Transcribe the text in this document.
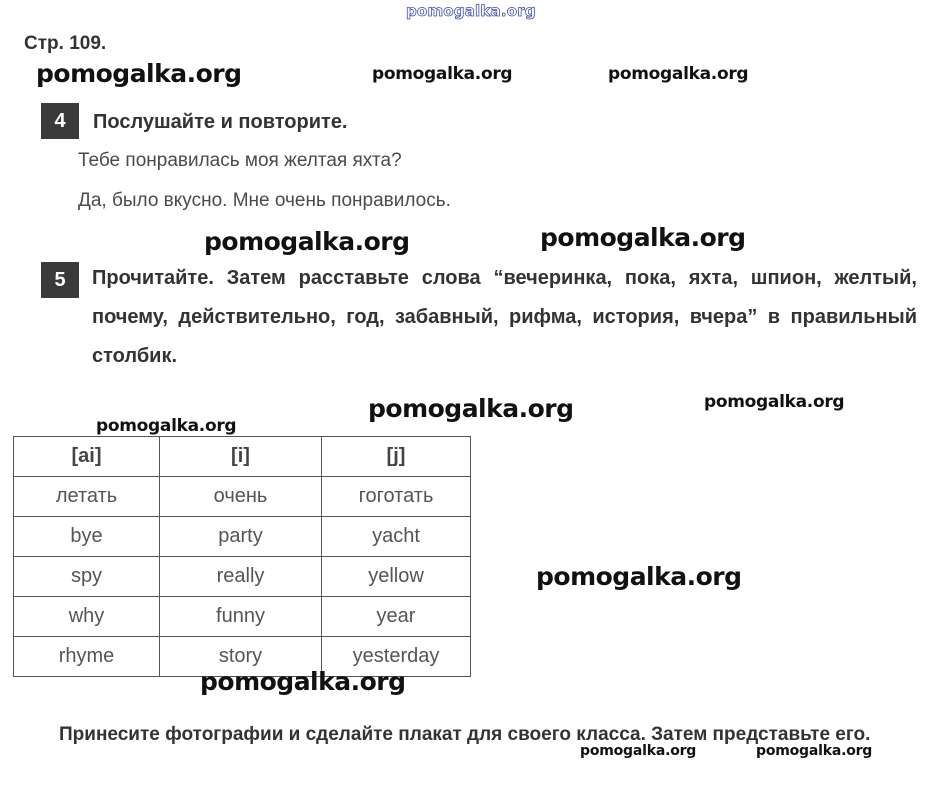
pomogalka.org
Стр. 109.
pomogalka.org	pomogalka.org	pomogalka.org
4	Послушайте и повторите.
Тебе понравилась моя желтая яхта?
Да, было вкусно. Мне очень понравилось.
pomogalka.org	pomogalka.org
5	Прочитайте. Затем расставьте слова “вечеринка, пока, яхта, шпион, желтый, почему, действительно, год, забавный, рифма, история, вчера” в правильный столбик.
pomogalka.org	pomogalka.org
pomogalka.org
[ai]	[i]	[j]
летать	очень	гоготать
bye	party	yacht
spy	really	yellow
why	funny	year
rhyme	story	yesterday
pomogalka.org
pomogalka.org
Принесите фотографии и сделайте плакат для своего класса. Затем представьте его.
pomogalka.org	pomogalka.org
